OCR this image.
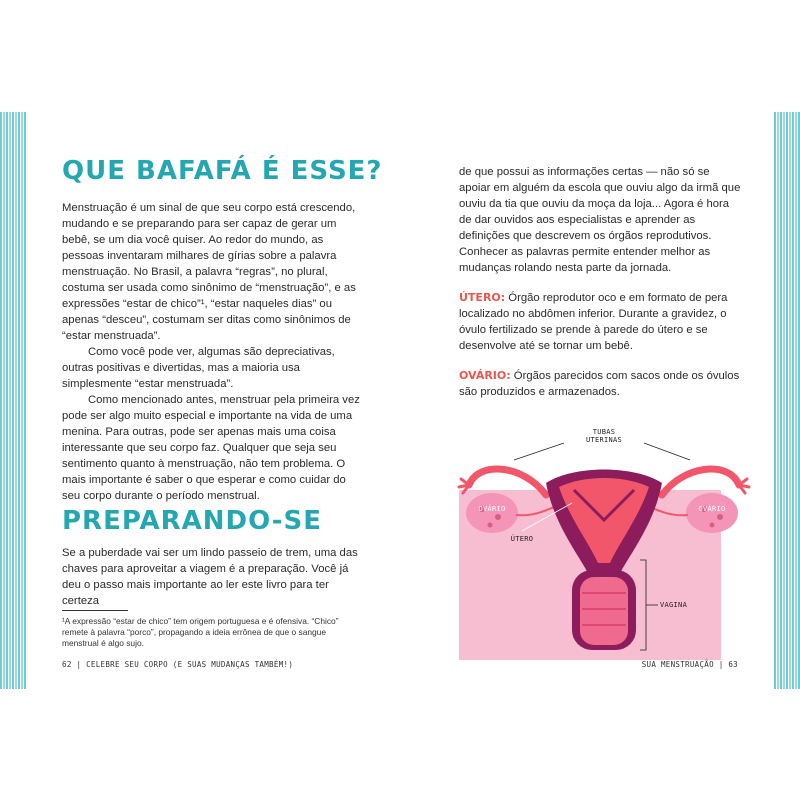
QUE BAFAFÁ É ESSE?

Menstruação é um sinal de que seu corpo está crescendo, mudando e se preparando para ser capaz de gerar um bebê, se um dia você quiser. Ao redor do mundo, as pessoas inventaram milhares de gírias sobre a palavra menstruação. No Brasil, a palavra “regras”, no plural, costuma ser usada como sinônimo de “menstruação”, e as expressões “estar de chico”¹, “estar naqueles dias” ou apenas “desceu”, costumam ser ditas como sinônimos de “estar menstruada”.

Como você pode ver, algumas são depreciativas, outras positivas e divertidas, mas a maioria usa simplesmente “estar menstruada”.

Como mencionado antes, menstruar pela primeira vez pode ser algo muito especial e importante na vida de uma menina. Para outras, pode ser apenas mais uma coisa interessante que seu corpo faz. Qualquer que seja seu sentimento quanto à menstruação, não tem problema. O mais importante é saber o que esperar e como cuidar do seu corpo durante o período menstrual.

PREPARANDO-SE

Se a puberdade vai ser um lindo passeio de trem, uma das chaves para aproveitar a viagem é a preparação. Você já deu o passo mais importante ao ler este livro para ter certeza

¹A expressão “estar de chico” tem origem portuguesa e é ofensiva. “Chico” remete à palavra “porco”, propagando a ideia errônea de que o sangue menstrual é algo sujo.
62 | CELEBRE SEU CORPO (E SUAS MUDANÇAS TAMBÉM!)

de que possui as informações certas — não só se apoiar em alguém da escola que ouviu algo da irmã que ouviu da tia que ouviu da moça da loja... Agora é hora de dar ouvidos aos especialistas e aprender as definições que descrevem os órgãos reprodutivos. Conhecer as palavras permite entender melhor as mudanças rolando nesta parte da jornada.

ÚTERO: Órgão reprodutor oco e em formato de pera localizado no abdômen inferior. Durante a gravidez, o óvulo fertilizado se prende à parede do útero e se desenvolve até se tornar um bebê.

OVÁRIO: Órgãos parecidos com sacos onde os óvulos são produzidos e armazenados.

TUBAS
UTERINAS
OVÁRIO	OVÁRIO
ÚTERO
VAGINA
SUA MENSTRUAÇÃO | 63
